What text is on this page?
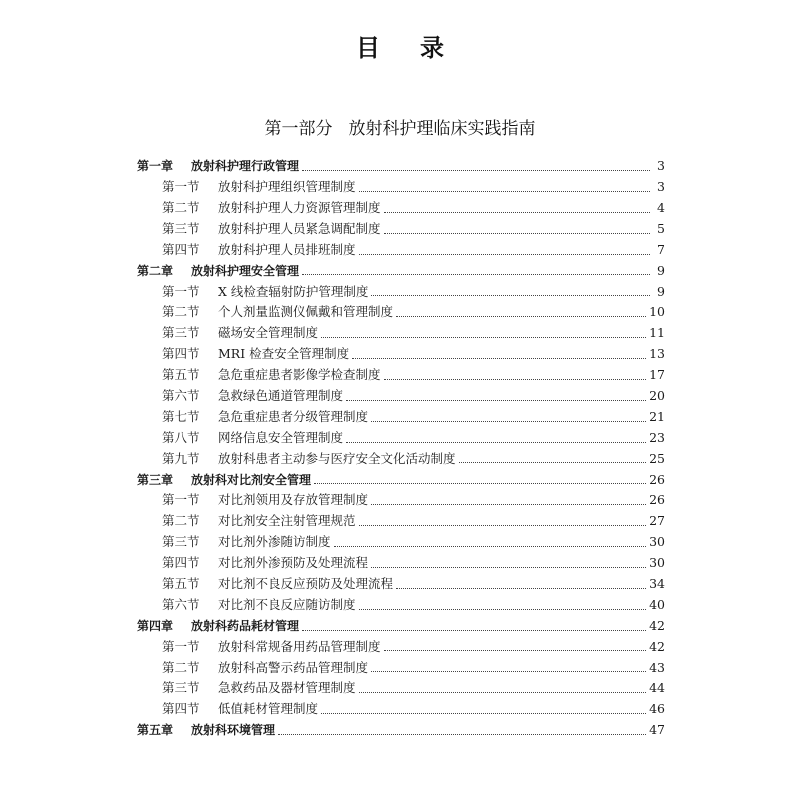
目 录
第一部分 放射科护理临床实践指南
第一章	放射科护理行政管理	3
第一节	放射科护理组织管理制度	3
第二节	放射科护理人力资源管理制度	4
第三节	放射科护理人员紧急调配制度	5
第四节	放射科护理人员排班制度	7
第二章	放射科护理安全管理	9
第一节	X 线检查辐射防护管理制度	9
第二节	个人剂量监测仪佩戴和管理制度	10
第三节	磁场安全管理制度	11
第四节	MRI 检查安全管理制度	13
第五节	急危重症患者影像学检查制度	17
第六节	急救绿色通道管理制度	20
第七节	急危重症患者分级管理制度	21
第八节	网络信息安全管理制度	23
第九节	放射科患者主动参与医疗安全文化活动制度	25
第三章	放射科对比剂安全管理	26
第一节	对比剂领用及存放管理制度	26
第二节	对比剂安全注射管理规范	27
第三节	对比剂外渗随访制度	30
第四节	对比剂外渗预防及处理流程	30
第五节	对比剂不良反应预防及处理流程	34
第六节	对比剂不良反应随访制度	40
第四章	放射科药品耗材管理	42
第一节	放射科常规备用药品管理制度	42
第二节	放射科高警示药品管理制度	43
第三节	急救药品及器材管理制度	44
第四节	低值耗材管理制度	46
第五章	放射科环境管理	47
